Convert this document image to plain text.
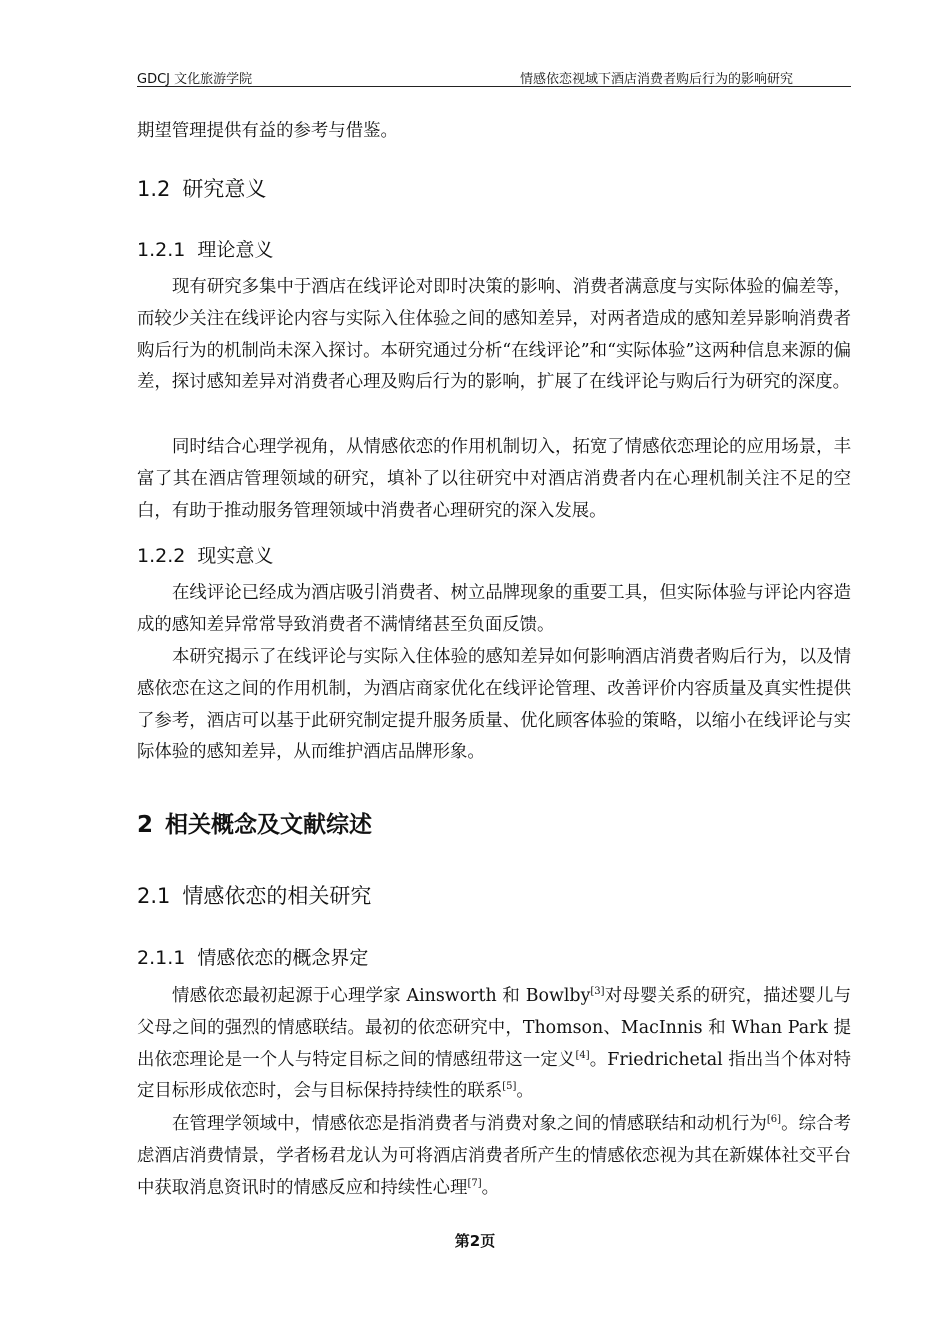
GDCJ 文化旅游学院	情感依恋视域下酒店消费者购后行为的影响研究
期望管理提供有益的参考与借鉴。
1.2 研究意义
1.2.1 理论意义
现有研究多集中于酒店在线评论对即时决策的影响、消费者满意度与实际体验的偏差等，而较少关注在线评论内容与实际入住体验之间的感知差异，对两者造成的感知差异影响消费者购后行为的机制尚未深入探讨。本研究通过分析“在线评论”和“实际体验”这两种信息来源的偏差，探讨感知差异对消费者心理及购后行为的影响，扩展了在线评论与购后行为研究的深度。
同时结合心理学视角，从情感依恋的作用机制切入，拓宽了情感依恋理论的应用场景，丰富了其在酒店管理领域的研究，填补了以往研究中对酒店消费者内在心理机制关注不足的空白，有助于推动服务管理领域中消费者心理研究的深入发展。
1.2.2 现实意义
在线评论已经成为酒店吸引消费者、树立品牌现象的重要工具，但实际体验与评论内容造成的感知差异常常导致消费者不满情绪甚至负面反馈。
本研究揭示了在线评论与实际入住体验的感知差异如何影响酒店消费者购后行为，以及情感依恋在这之间的作用机制，为酒店商家优化在线评论管理、改善评价内容质量及真实性提供了参考，酒店可以基于此研究制定提升服务质量、优化顾客体验的策略，以缩小在线评论与实际体验的感知差异，从而维护酒店品牌形象。
2 相关概念及文献综述
2.1 情感依恋的相关研究
2.1.1 情感依恋的概念界定
情感依恋最初起源于心理学家 Ainsworth 和 Bowlby[3]对母婴关系的研究，描述婴儿与父母之间的强烈的情感联结。最初的依恋研究中，Thomson、MacInnis 和 Whan Park 提出依恋理论是一个人与特定目标之间的情感纽带这一定义[4]。Friedrichetal 指出当个体对特定目标形成依恋时，会与目标保持持续性的联系[5]。
在管理学领域中，情感依恋是指消费者与消费对象之间的情感联结和动机行为[6]。综合考虑酒店消费情景，学者杨君龙认为可将酒店消费者所产生的情感依恋视为其在新媒体社交平台中获取消息资讯时的情感反应和持续性心理[7]。
第2页
